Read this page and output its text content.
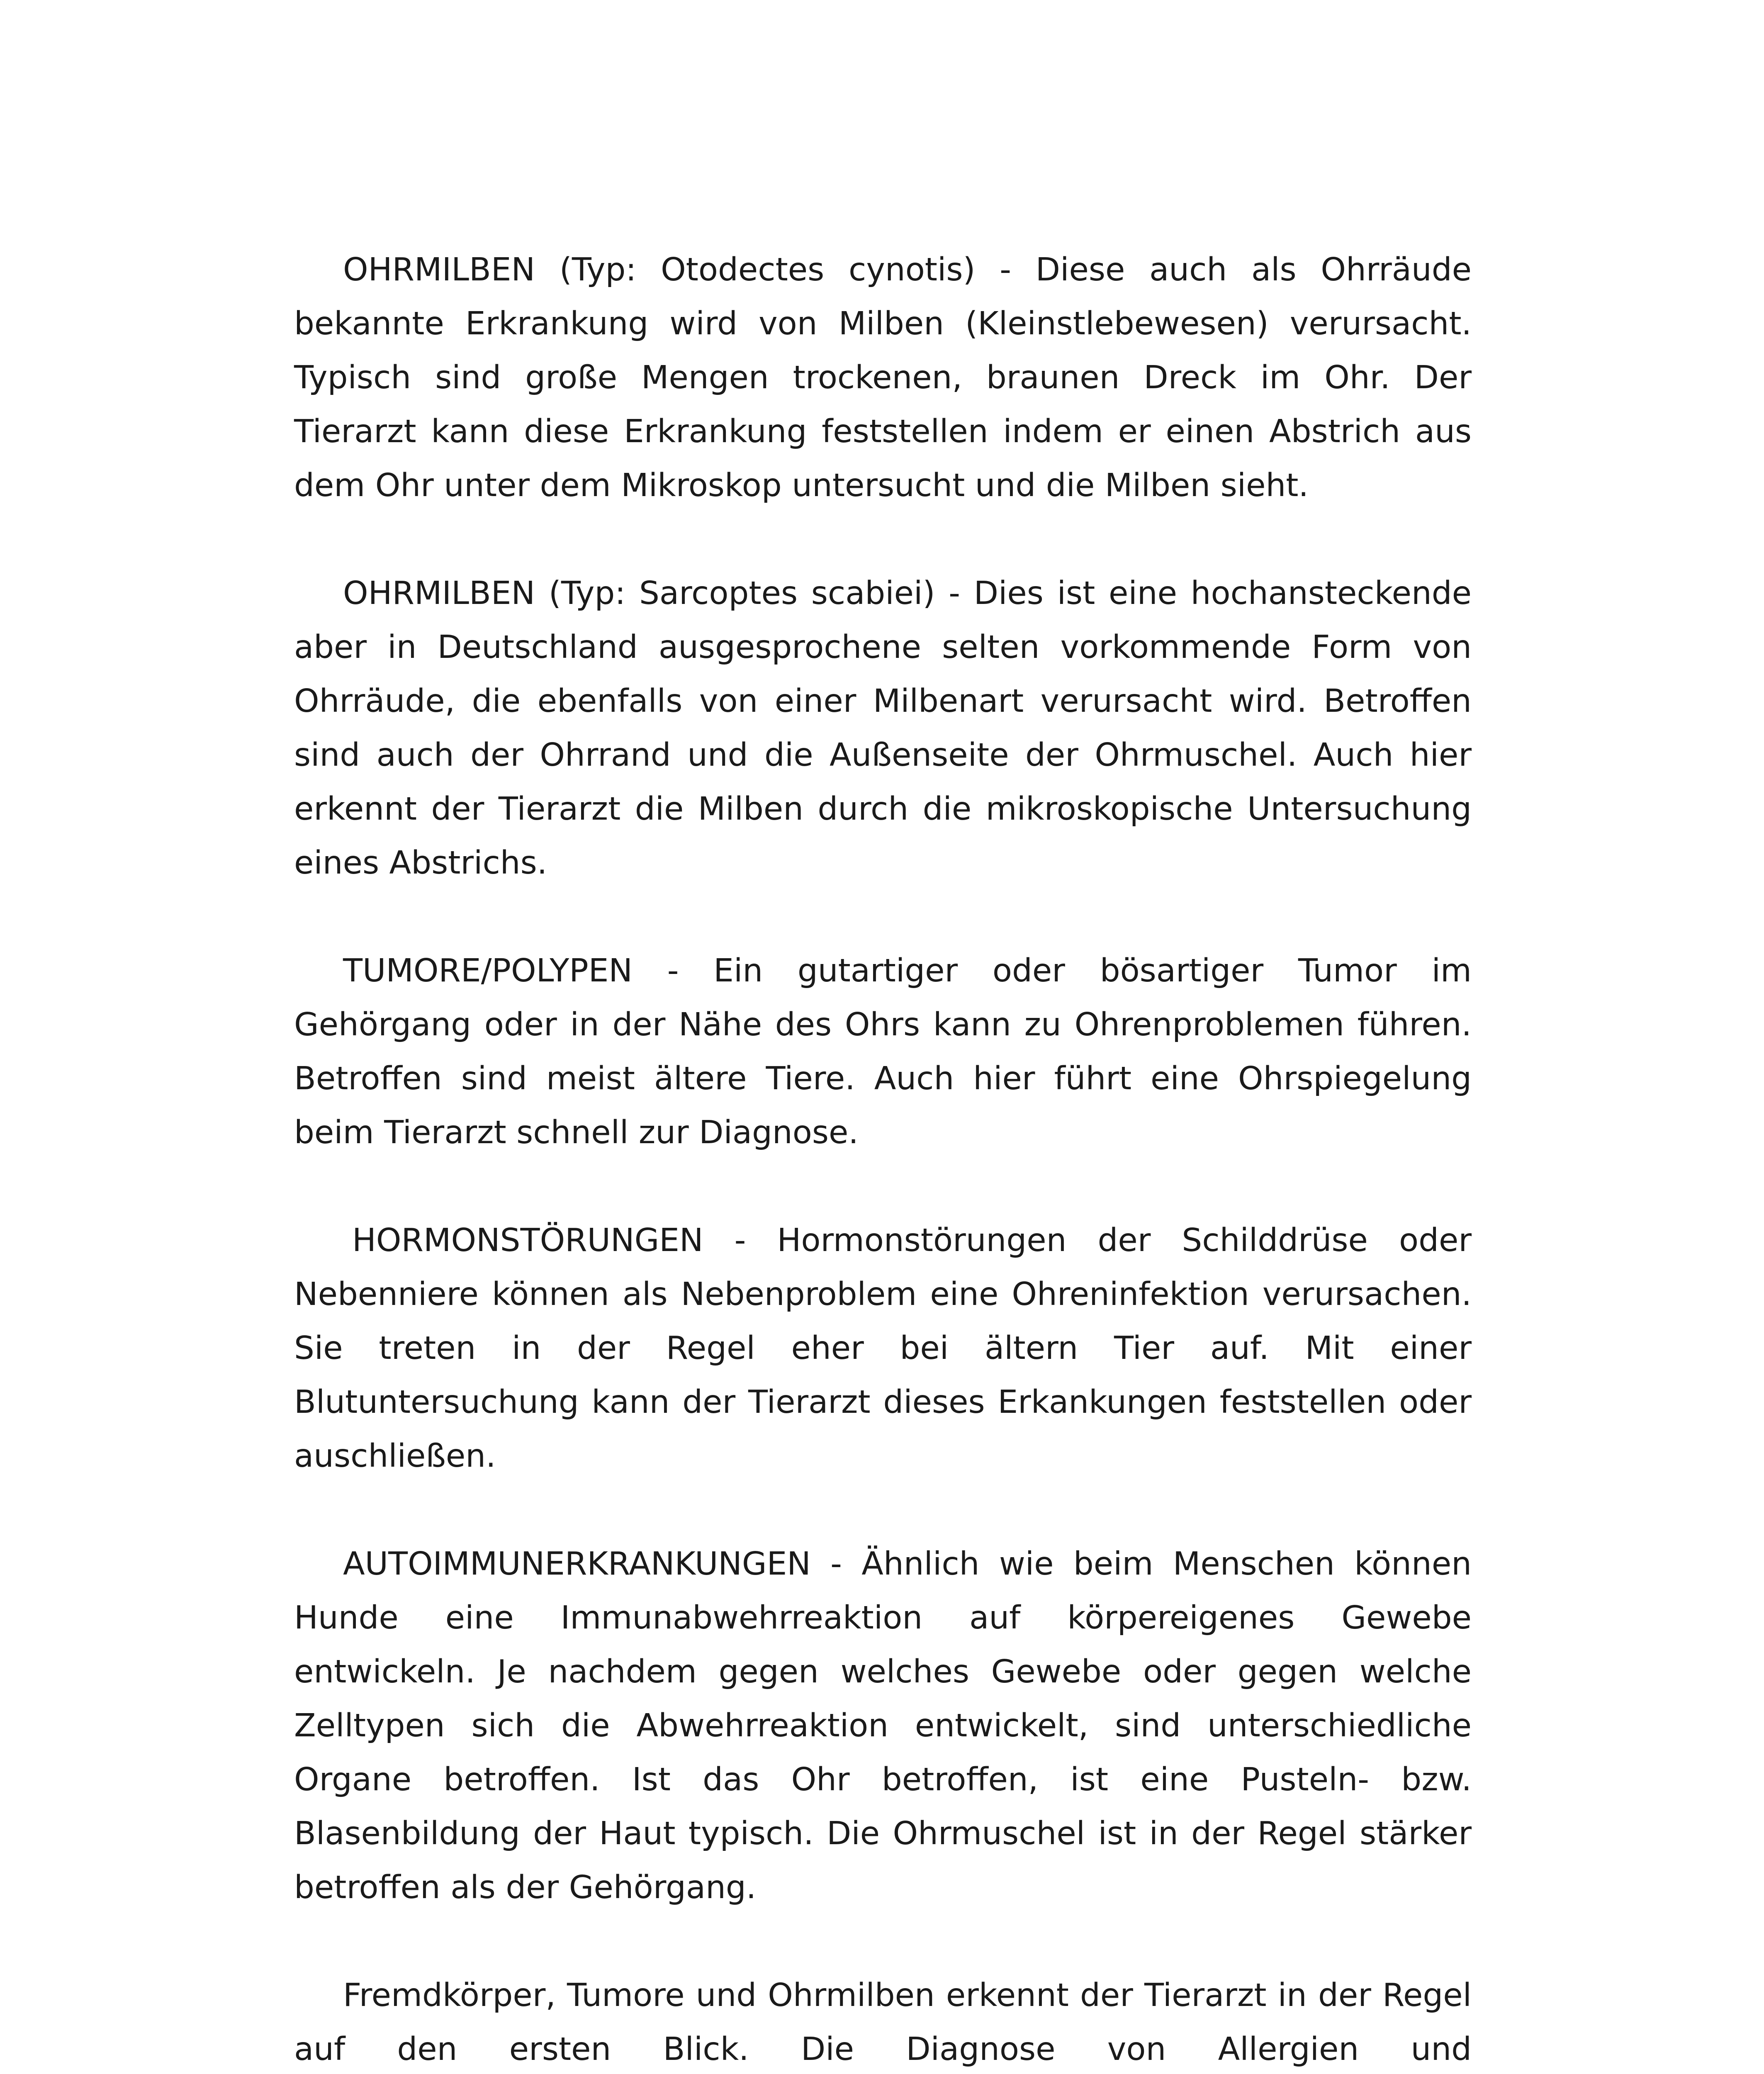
OHRMILBEN (Typ: Otodectes cynotis) - Diese auch als Ohrräude bekannte Erkrankung wird von Milben (Kleinstlebewesen) verursacht. Typisch sind große Mengen trockenen, braunen Dreck im Ohr. Der Tierarzt kann diese Erkrankung feststellen indem er einen Abstrich aus dem Ohr unter dem Mikroskop untersucht und die Milben sieht.

OHRMILBEN (Typ: Sarcoptes scabiei) - Dies ist eine hochansteckende aber in Deutschland ausgesprochene selten vorkommende Form von Ohrräude, die ebenfalls von einer Milbenart verursacht wird. Betroffen sind auch der Ohrrand und die Außenseite der Ohrmuschel. Auch hier erkennt der Tierarzt die Milben durch die mikroskopische Untersuchung eines Abstrichs.

TUMORE/POLYPEN - Ein gutartiger oder bösartiger Tumor im Gehörgang oder in der Nähe des Ohrs kann zu Ohrenproblemen führen. Betroffen sind meist ältere Tiere. Auch hier führt eine Ohrspiegelung beim Tierarzt schnell zur Diagnose.

HORMONSTÖRUNGEN - Hormonstörungen der Schilddrüse oder Nebenniere können als Nebenproblem eine Ohreninfektion verursachen. Sie treten in der Regel eher bei ältern Tier auf. Mit einer Blutuntersuchung kann der Tierarzt dieses Erkankungen feststellen oder auschließen.

AUTOIMMUNERKRANKUNGEN - Ähnlich wie beim Menschen können Hunde eine Immunabwehrreaktion auf körpereigenes Gewebe entwickeln. Je nachdem gegen welches Gewebe oder gegen welche Zelltypen sich die Abwehrreaktion entwickelt, sind unterschiedliche Organe betroffen. Ist das Ohr betroffen, ist eine Pusteln- bzw. Blasenbildung der Haut typisch. Die Ohrmuschel ist in der Regel stärker betroffen als der Gehörgang.

Fremdkörper, Tumore und Ohrmilben erkennt der Tierarzt in der Regel auf den ersten Blick. Die Diagnose von Allergien und
